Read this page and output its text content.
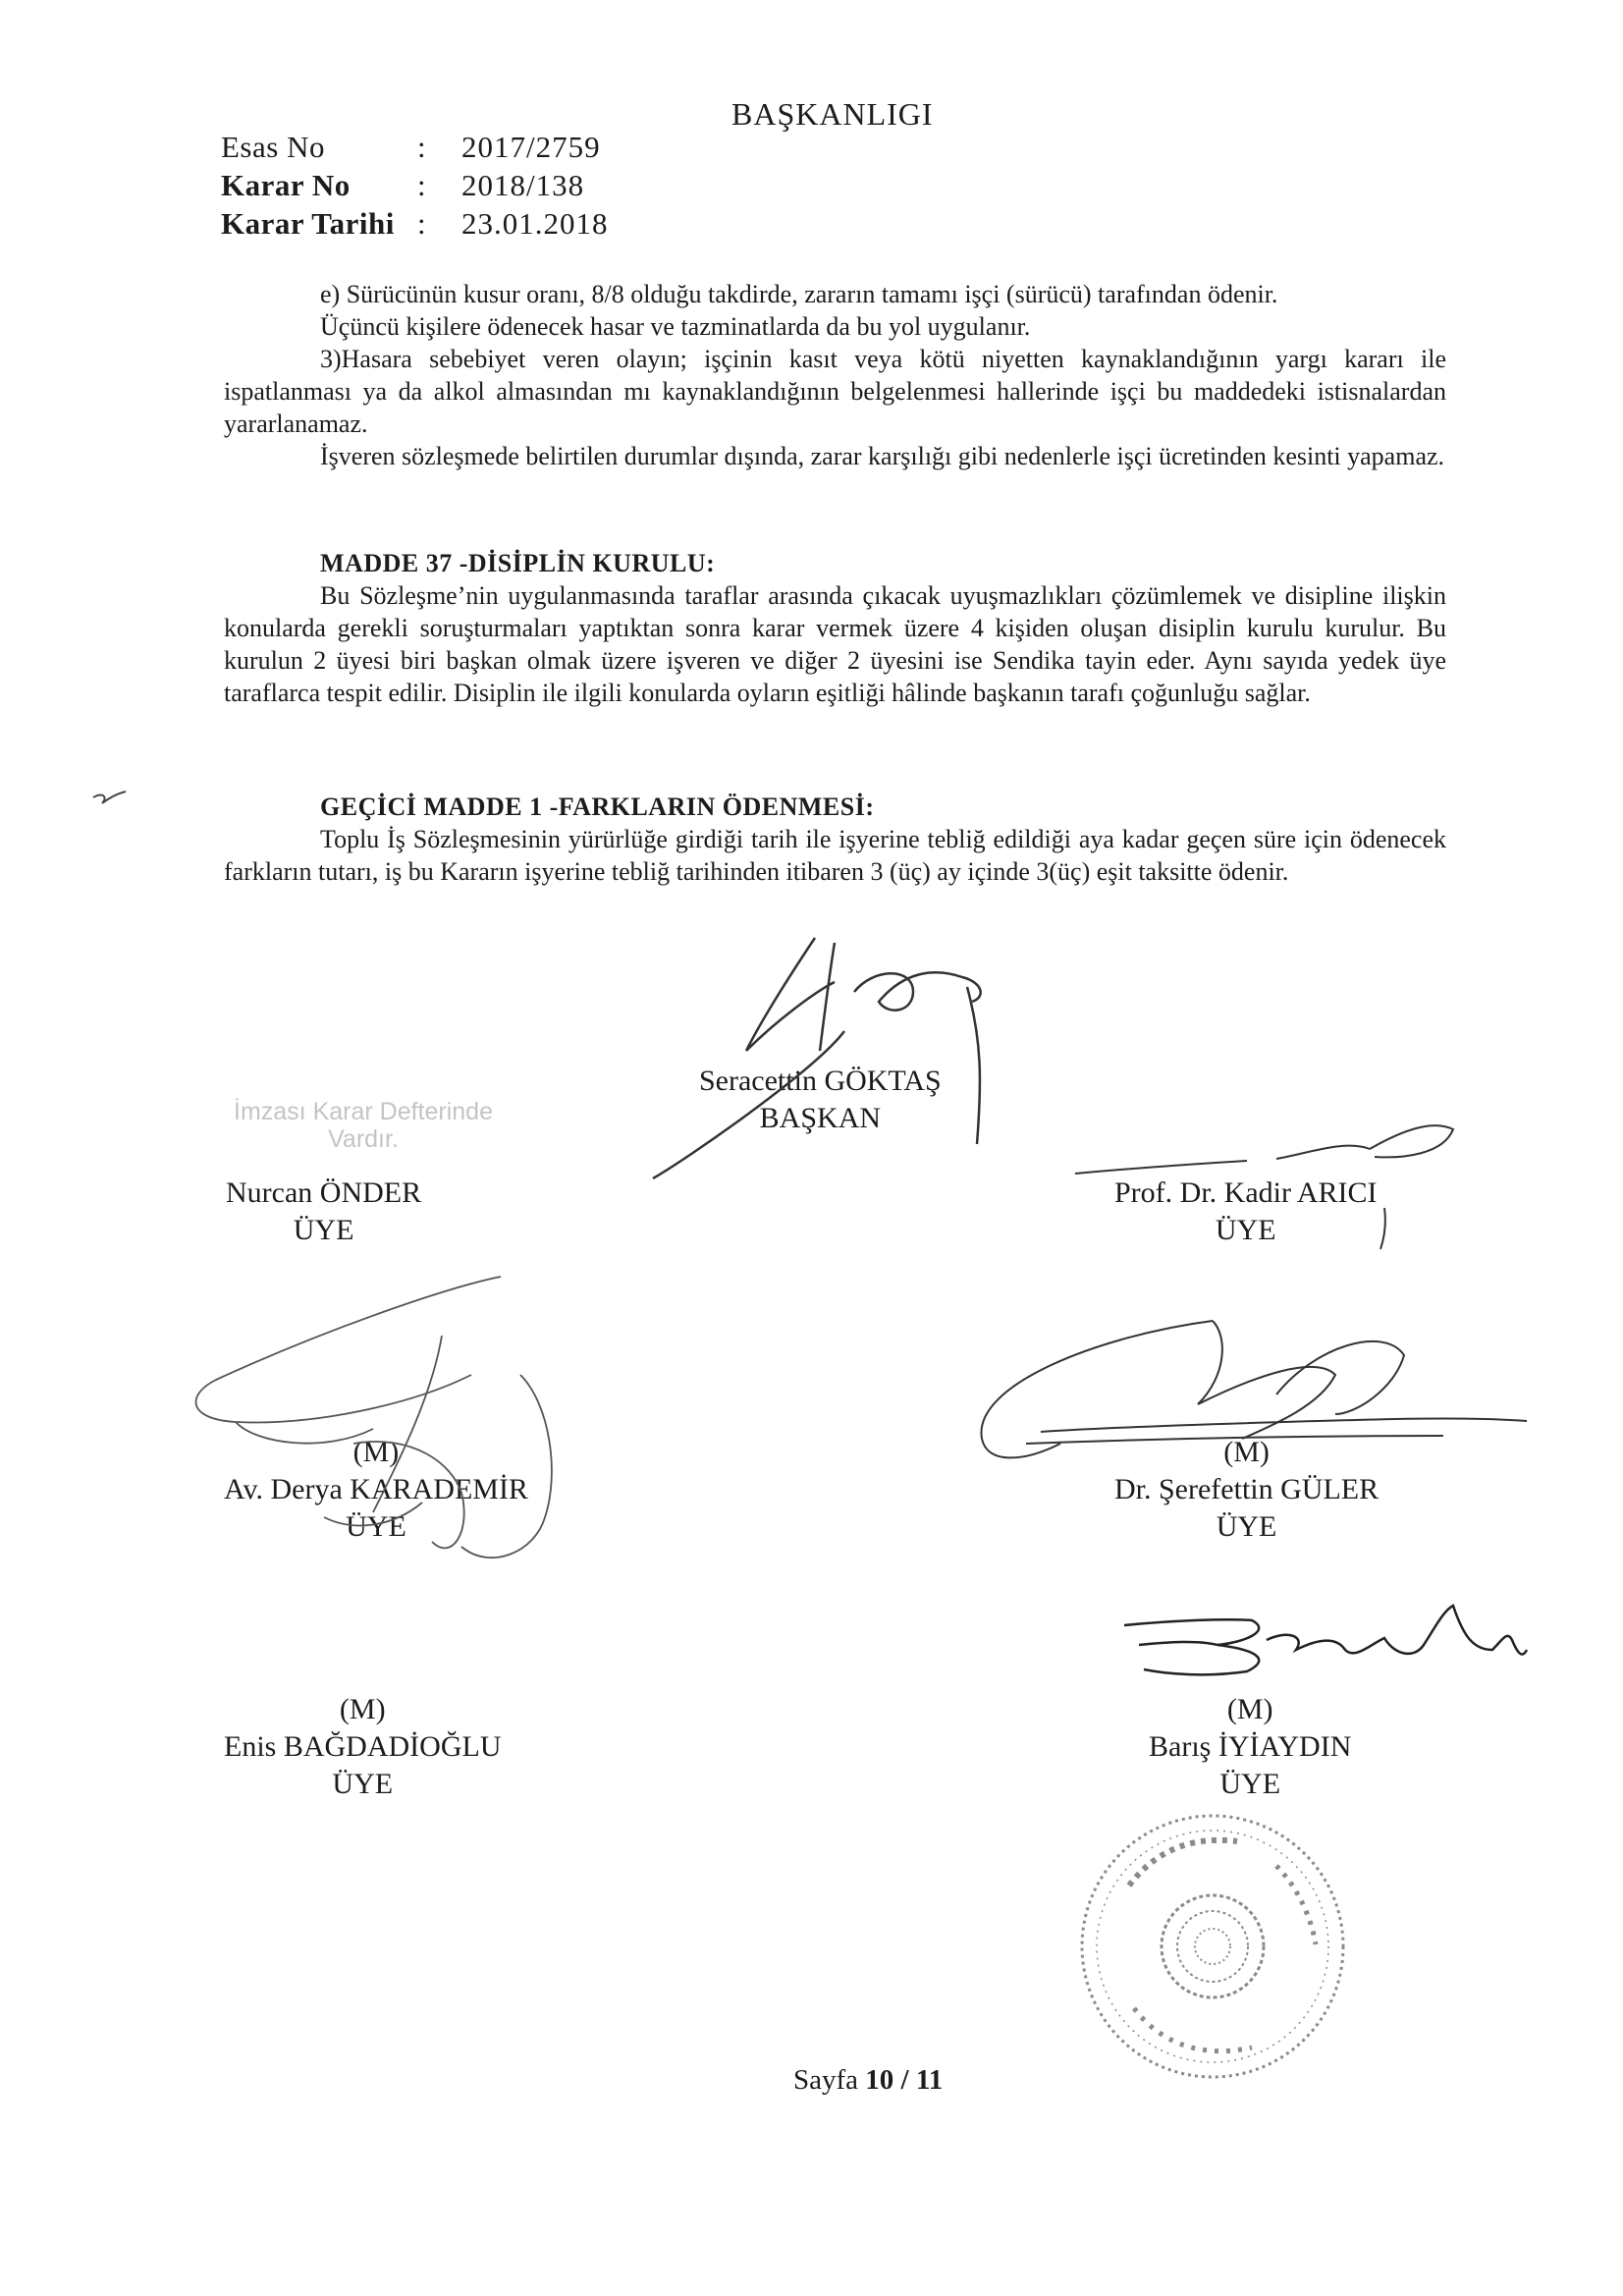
BAŞKANLIGI
Esas No	:	2017/2759
Karar No	:	2018/138
Karar Tarihi :	23.01.2018

e) Sürücünün kusur oranı, 8/8 olduğu takdirde, zararın tamamı işçi (sürücü) tarafından ödenir.

Üçüncü kişilere ödenecek hasar ve tazminatlarda da bu yol uygulanır.

3)Hasara sebebiyet veren olayın; işçinin kasıt veya kötü niyetten kaynaklandığının yargı kararı ile ispatlanması ya da alkol almasından mı kaynaklandığının belgelenmesi hallerinde işçi bu maddedeki istisnalardan yararlanamaz.

İşveren sözleşmede belirtilen durumlar dışında, zarar karşılığı gibi nedenlerle işçi ücretinden kesinti yapamaz.

MADDE 37 -DİSİPLİN KURULU:

Bu Sözleşme’nin uygulanmasında taraflar arasında çıkacak uyuşmazlıkları çözümlemek ve disipline ilişkin konularda gerekli soruşturmaları yaptıktan sonra karar vermek üzere 4 kişiden oluşan disiplin kurulu kurulur. Bu kurulun 2 üyesi biri başkan olmak üzere işveren ve diğer 2 üyesini ise Sendika tayin eder. Aynı sayıda yedek üye taraflarca tespit edilir. Disiplin ile ilgili konularda oyların eşitliği hâlinde başkanın tarafı çoğunluğu sağlar.

GEÇİCİ MADDE 1 -FARKLARIN ÖDENMESİ:

Toplu İş Sözleşmesinin yürürlüğe girdiği tarih ile işyerine tebliğ edildiği aya kadar geçen süre için ödenecek farkların tutarı, iş bu Kararın işyerine tebliğ tarihinden itibaren 3 (üç) ay içinde 3(üç) eşit taksitte ödenir.

Seracettin GÖKTAŞ
BAŞKAN
İmzası Karar Defterinde Vardır.
Nurcan ÖNDER
ÜYE
Prof. Dr. Kadir ARICI
ÜYE
(M)
Av. Derya KARADEMİR
ÜYE
(M)
Dr. Şerefettin GÜLER
ÜYE
(M)
Enis BAĞDADİOĞLU
ÜYE
(M)
Barış İYİAYDIN
ÜYE
Sayfa 10 / 11
